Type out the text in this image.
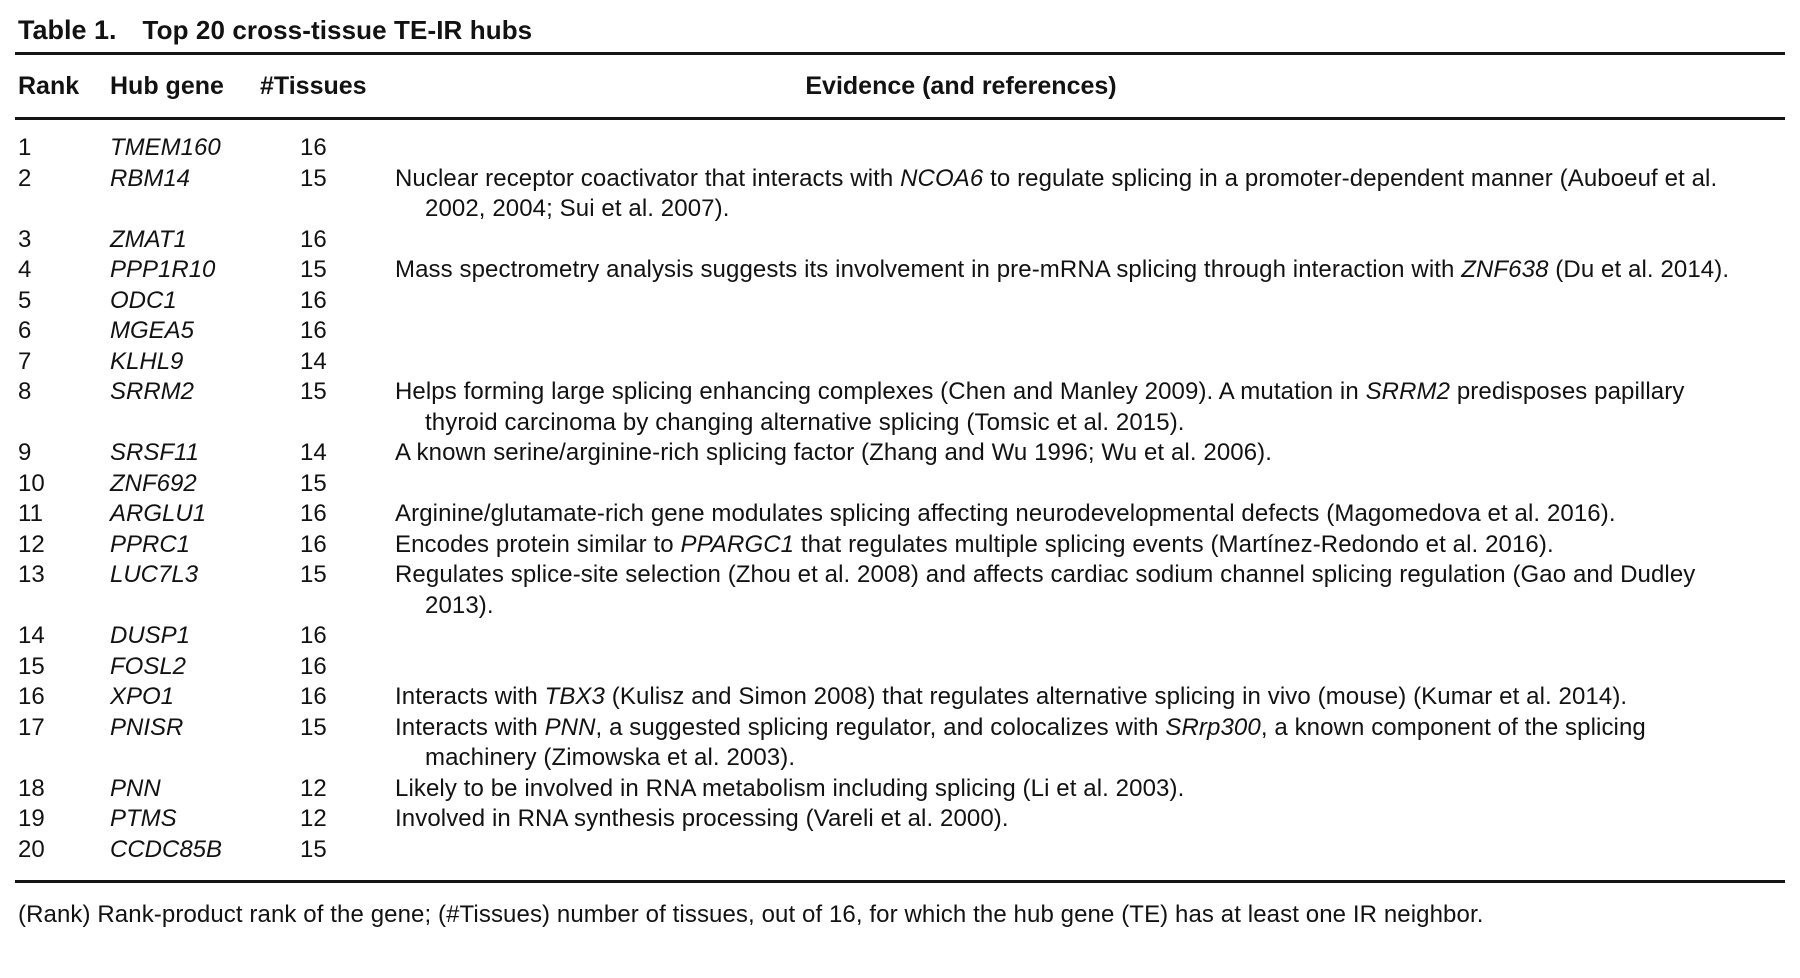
Table 1. Top 20 cross-tissue TE-IR hubs
Rank	Hub gene	#Tissues	Evidence (and references)
1	TMEM160	16
2	RBM14	15	Nuclear receptor coactivator that interacts with NCOA6 to regulate splicing in a promoter-dependent manner (Auboeuf et al. 2002, 2004; Sui et al. 2007).
3	ZMAT1	16
4	PPP1R10	15	Mass spectrometry analysis suggests its involvement in pre-mRNA splicing through interaction with ZNF638 (Du et al. 2014).
5	ODC1	16
6	MGEA5	16
7	KLHL9	14
8	SRRM2	15	Helps forming large splicing enhancing complexes (Chen and Manley 2009). A mutation in SRRM2 predisposes papillary thyroid carcinoma by changing alternative splicing (Tomsic et al. 2015).
9	SRSF11	14	A known serine/arginine-rich splicing factor (Zhang and Wu 1996; Wu et al. 2006).
10	ZNF692	15
11	ARGLU1	16	Arginine/glutamate-rich gene modulates splicing affecting neurodevelopmental defects (Magomedova et al. 2016).
12	PPRC1	16	Encodes protein similar to PPARGC1 that regulates multiple splicing events (Martínez-Redondo et al. 2016).
13	LUC7L3	15	Regulates splice-site selection (Zhou et al. 2008) and affects cardiac sodium channel splicing regulation (Gao and Dudley 2013).
14	DUSP1	16
15	FOSL2	16
16	XPO1	16	Interacts with TBX3 (Kulisz and Simon 2008) that regulates alternative splicing in vivo (mouse) (Kumar et al. 2014).
17	PNISR	15	Interacts with PNN, a suggested splicing regulator, and colocalizes with SRrp300, a known component of the splicing machinery (Zimowska et al. 2003).
18	PNN	12	Likely to be involved in RNA metabolism including splicing (Li et al. 2003).
19	PTMS	12	Involved in RNA synthesis processing (Vareli et al. 2000).
20	CCDC85B	15
(Rank) Rank-product rank of the gene; (#Tissues) number of tissues, out of 16, for which the hub gene (TE) has at least one IR neighbor.
